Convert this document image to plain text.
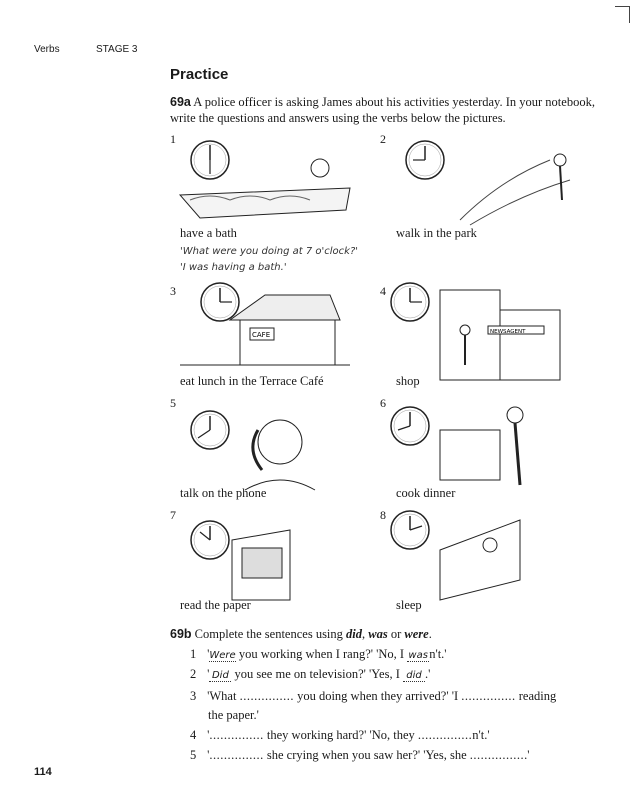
Verbs	STAGE 3
Practice
69a A police officer is asking James about his activities yesterday. In your notebook, write the questions and answers using the verbs below the pictures.
CAFE	NEWSAGENT
1	2
have a bath	walk in the park
'What were you doing at 7 o'clock?'
'I was having a bath.'
3	4
eat lunch in the Terrace Café	shop
5	6
talk on the phone	cook dinner
7	8
read the paper	sleep
69b Complete the sentences using did, was or were.
1 'Were you working when I rang?' 'No, I wasn't.'
2 ' Did you see me on television?' 'Yes, I did .'
3 'What ............... you doing when they arrived?' 'I ............... reading
the paper.'
4 '............... they working hard?' 'No, they ...............n't.'
5 '............... she crying when you saw her?' 'Yes, she ................'
114
